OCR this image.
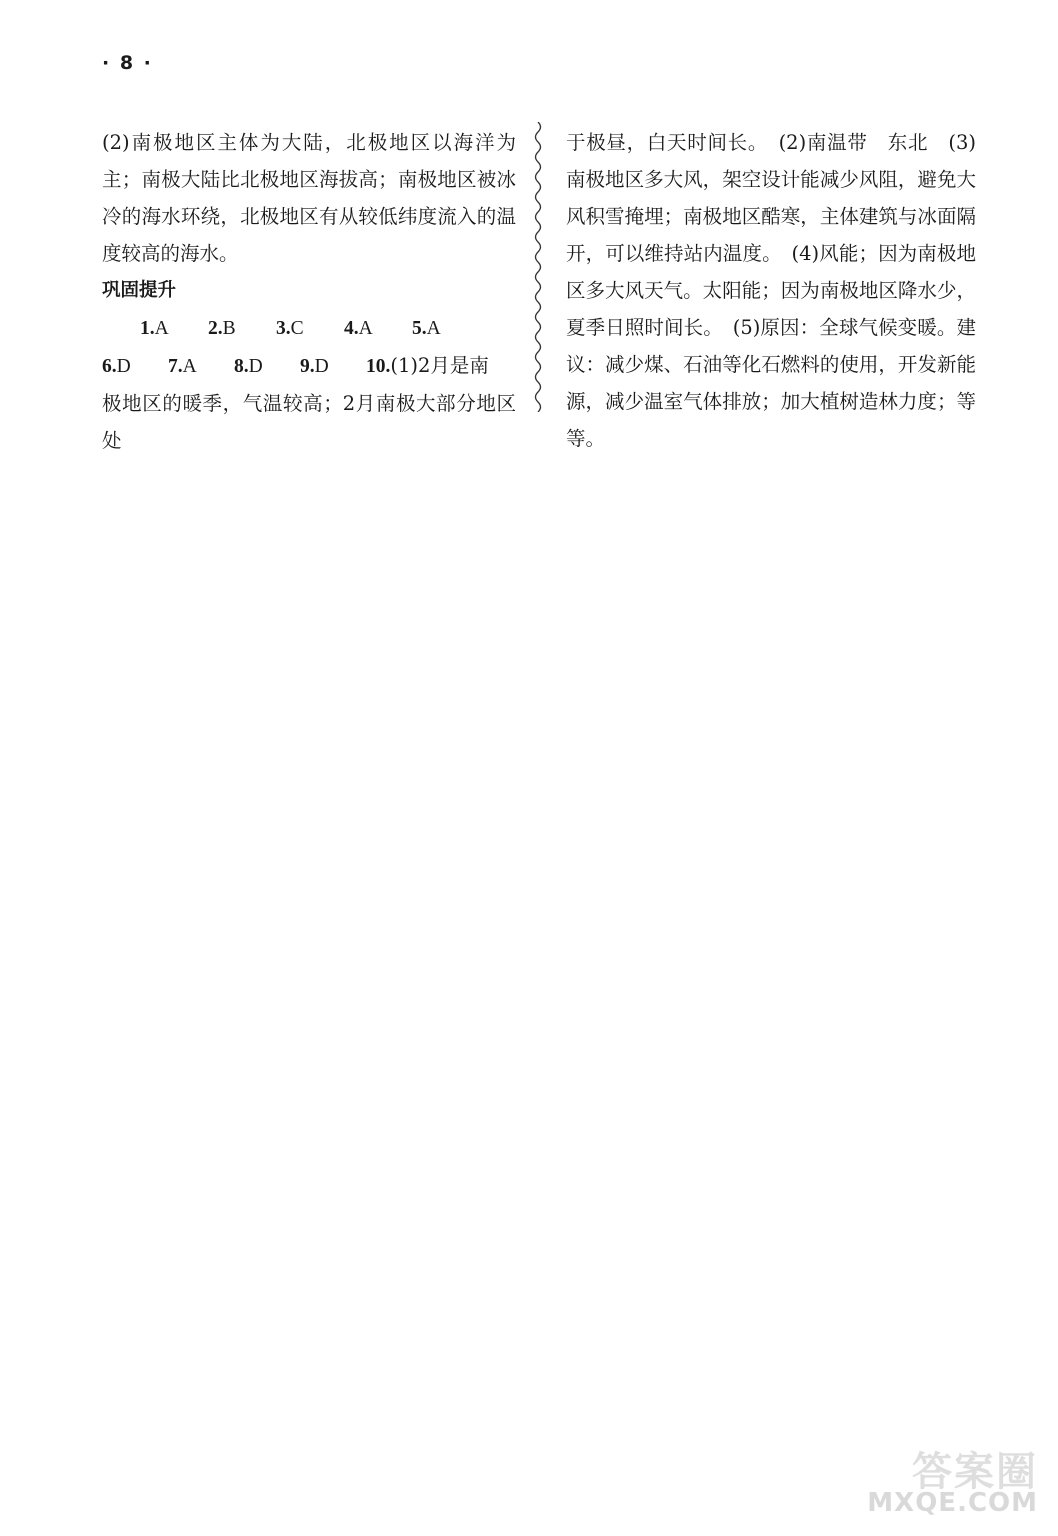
· 8 ·

(2)南极地区主体为大陆，北极地区以海洋为主；南极大陆比北极地区海拔高；南极地区被冰冷的海水环绕，北极地区有从较低纬度流入的温度较高的海水。

巩固提升

1.A 2.B 3.C 4.A 5.A

6.D 7.A 8.D 9.D 10.(1)2月是南

极地区的暖季，气温较高；2月南极大部分地区处

于极昼，白天时间长。　(2)南温带　东北　(3)南极地区多大风，架空设计能减少风阻，避免大风积雪掩埋；南极地区酷寒，主体建筑与冰面隔开，可以维持站内温度。　(4)风能；因为南极地区多大风天气。太阳能；因为南极地区降水少，夏季日照时间长。　(5)原因：全球气候变暖。建议：减少煤、石油等化石燃料的使用，开发新能源，减少温室气体排放；加大植树造林力度；等等。

答案圈
MXQE.COM
